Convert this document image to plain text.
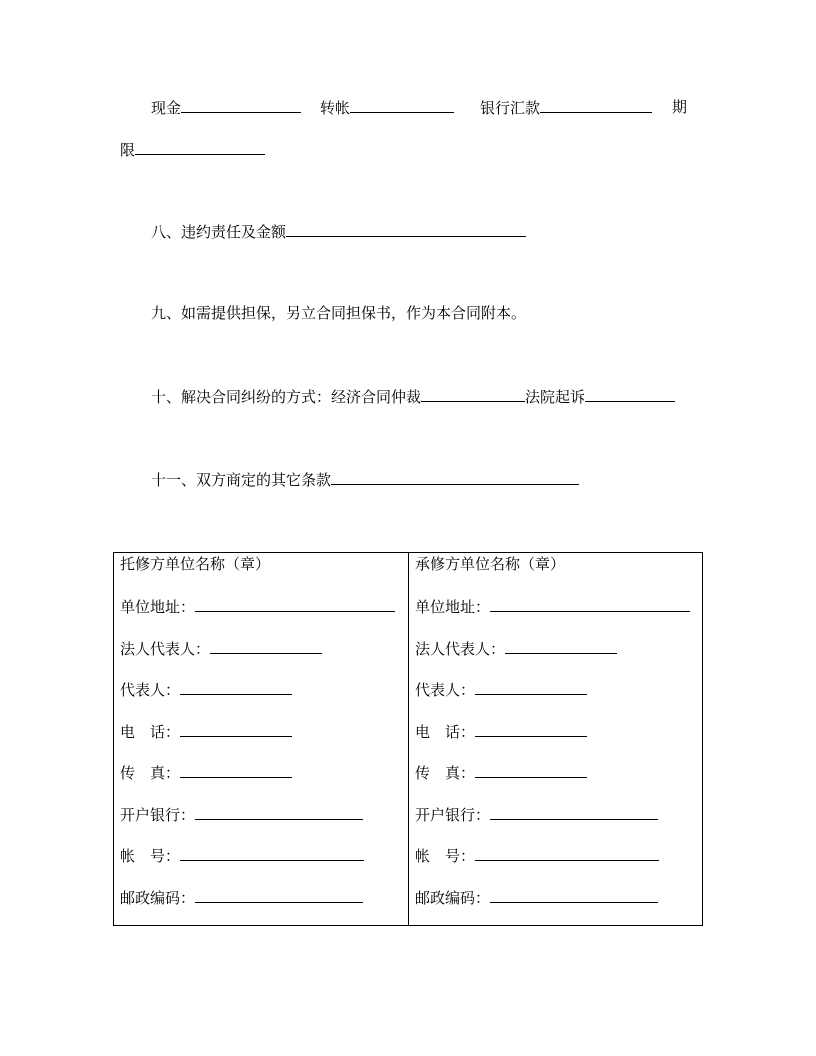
现金	转帐	银行汇款	期
限
八、违约责任及金额
九、如需提供担保，另立合同担保书，作为本合同附本。
十、解决合同纠纷的方式：经济合同仲裁	法院起诉
十一、双方商定的其它条款
托修方单位名称（章）
单位地址：
法人代表人：
代表人：
电　话：
传　真：
开户银行：
帐　号：
邮政编码：
承修方单位名称（章）
单位地址：
法人代表人：
代表人：
电　话：
传　真：
开户银行：
帐　号：
邮政编码：
